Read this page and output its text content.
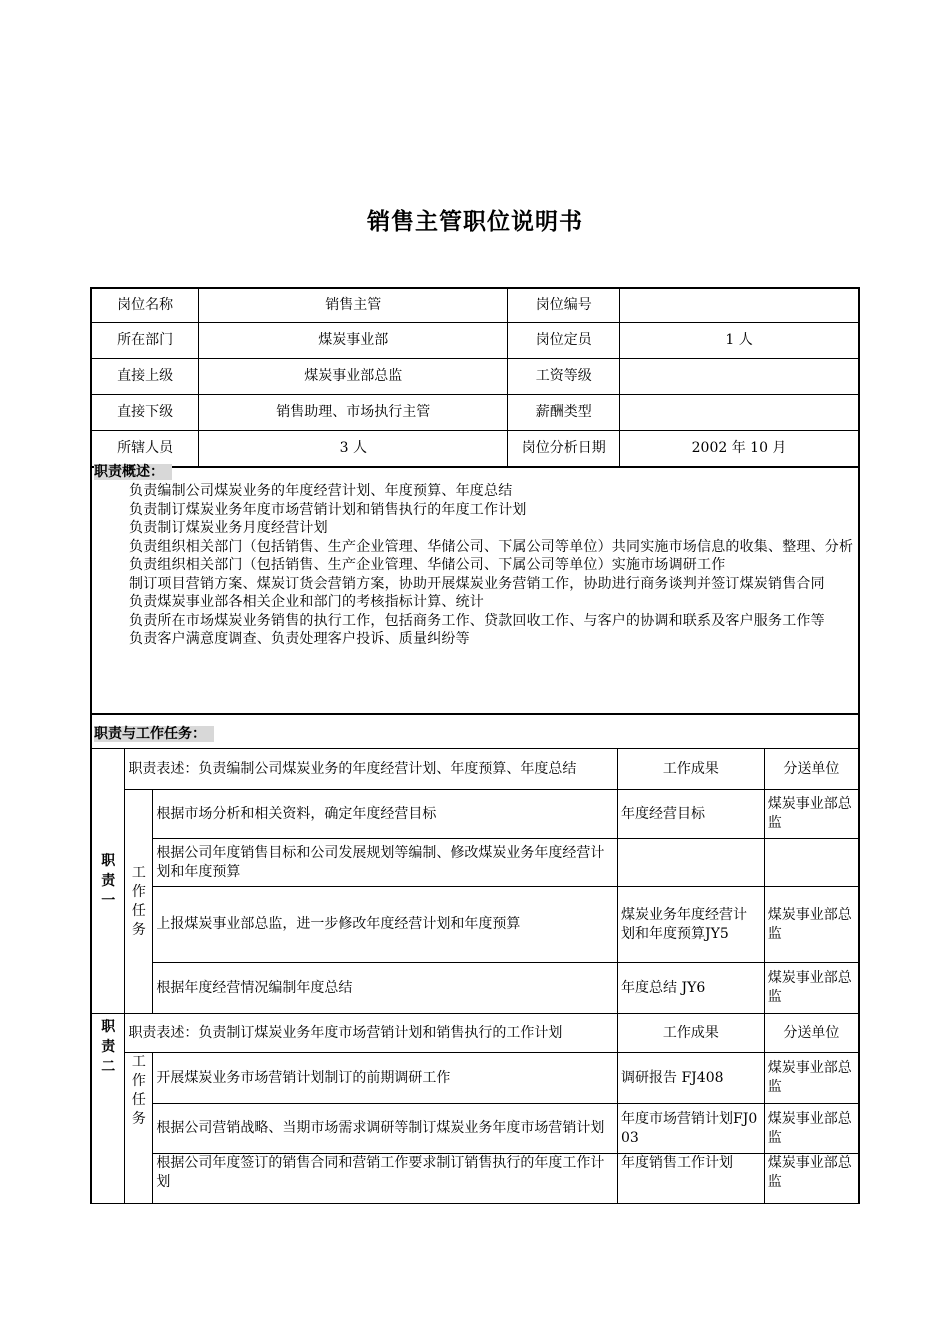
销售主管职位说明书
岗位名称	销售主管	岗位编号	
所在部门	煤炭事业部	岗位定员	1 人
直接上级	煤炭事业部总监	工资等级	
直接下级	销售助理、市场执行主管	薪酬类型	
所辖人员	3 人	岗位分析日期	2002 年 10 月
职责概述：
负责编制公司煤炭业务的年度经营计划、年度预算、年度总结
负责制订煤炭业务年度市场营销计划和销售执行的年度工作计划
负责制订煤炭业务月度经营计划
负责组织相关部门（包括销售、生产企业管理、华储公司、下属公司等单位）共同实施市场信息的收集、整理、分析
负责组织相关部门（包括销售、生产企业管理、华储公司、下属公司等单位）实施市场调研工作
制订项目营销方案、煤炭订货会营销方案，协助开展煤炭业务营销工作，协助进行商务谈判并签订煤炭销售合同
负责煤炭事业部各相关企业和部门的考核指标计算、统计
负责所在市场煤炭业务销售的执行工作，包括商务工作、贷款回收工作、与客户的协调和联系及客户服务工作等
负责客户满意度调查、负责处理客户投诉、质量纠纷等
职责与工作任务：
职责一	职责表述：负责编制公司煤炭业务的年度经营计划、年度预算、年度总结		工作成果	分送单位
	工作任务	根据市场分析和相关资料，确定年度经营目标	年度经营目标	煤炭事业部总监
		根据公司年度销售目标和公司发展规划等编制、修改煤炭业务年度经营计划和年度预算		
		上报煤炭事业部总监，进一步修改年度经营计划和年度预算	煤炭业务年度经营计划和年度预算JY5	煤炭事业部总监
		根据年度经营情况编制年度总结	年度总结 JY6	煤炭事业部总监
职责二	职责表述：负责制订煤炭业务年度市场营销计划和销售执行的工作计划		工作成果	分送单位
	工作任务	开展煤炭业务市场营销计划制订的前期调研工作	调研报告 FJ408	煤炭事业部总监
		根据公司营销战略、当期市场需求调研等制订煤炭业务年度市场营销计划	年度市场营销计划FJ003	煤炭事业部总监
		根据公司年度签订的销售合同和营销工作要求制订销售执行的年度工作计划	年度销售工作计划	煤炭事业部总监
